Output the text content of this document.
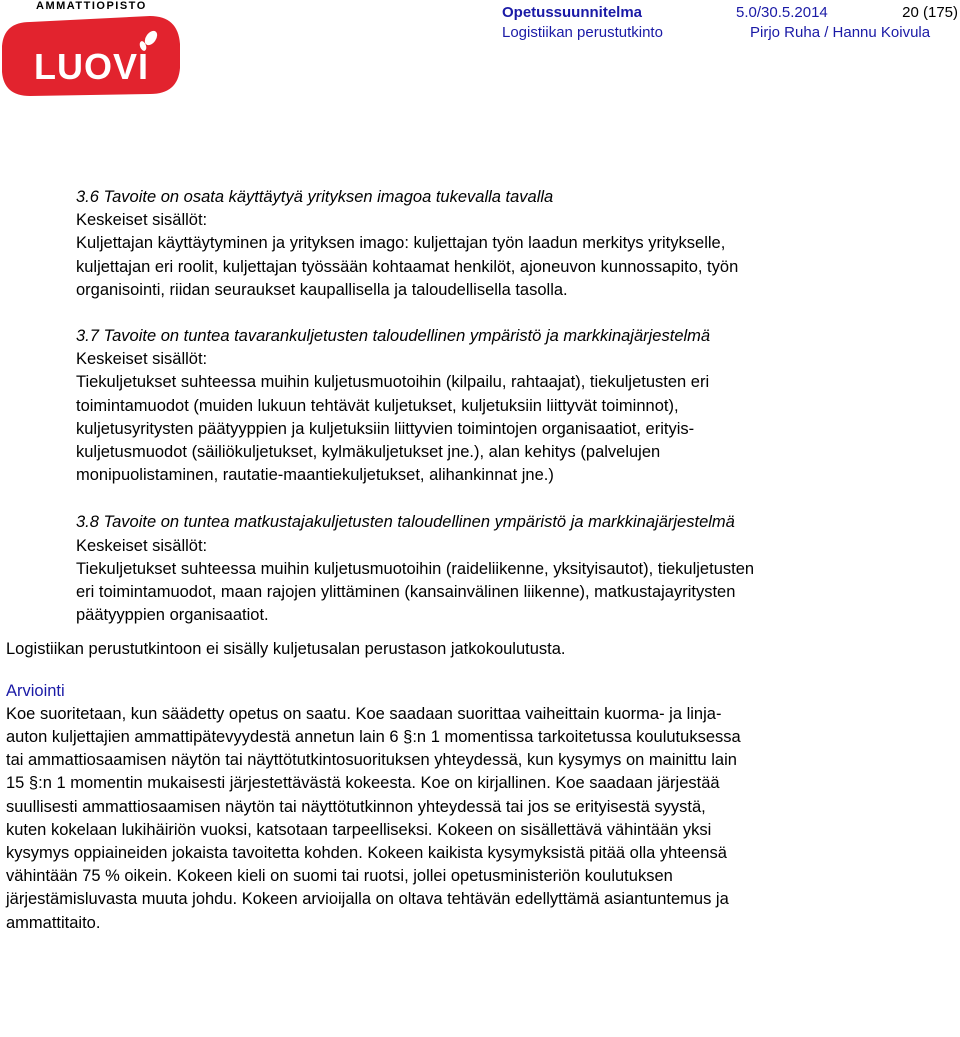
AMMATTIOPISTO
LUOVI
Opetussuunnitelma	5.0/30.5.2014	20 (175)
Logistiikan perustutkinto	Pirjo Ruha / Hannu Koivula

3.6 Tavoite on osata käyttäytyä yrityksen imagoa tukevalla tavalla

Keskeiset sisällöt:

Kuljettajan käyttäytyminen ja yrityksen imago: kuljettajan työn laadun merkitys yritykselle,

kuljettajan eri roolit, kuljettajan työssään kohtaamat henkilöt, ajoneuvon kunnossapito, työn

organisointi, riidan seuraukset kaupallisella ja taloudellisella tasolla.

3.7 Tavoite on tuntea tavarankuljetusten taloudellinen ympäristö ja markkinajärjestelmä

Keskeiset sisällöt:

Tiekuljetukset suhteessa muihin kuljetusmuotoihin (kilpailu, rahtaajat), tiekuljetusten eri

toimintamuodot (muiden lukuun tehtävät kuljetukset, kuljetuksiin liittyvät toiminnot),

kuljetusyritysten päätyyppien ja kuljetuksiin liittyvien toimintojen organisaatiot, erityis-

kuljetusmuodot (säiliökuljetukset, kylmäkuljetukset jne.), alan kehitys (palvelujen

monipuolistaminen, rautatie-maantiekuljetukset, alihankinnat jne.)

3.8 Tavoite on tuntea matkustajakuljetusten taloudellinen ympäristö ja markkinajärjestelmä

Keskeiset sisällöt:

Tiekuljetukset suhteessa muihin kuljetusmuotoihin (raideliikenne, yksityisautot), tiekuljetusten

eri toimintamuodot, maan rajojen ylittäminen (kansainvälinen liikenne), matkustajayritysten

päätyyppien organisaatiot.

Logistiikan perustutkintoon ei sisälly kuljetusalan perustason jatkokoulutusta.

Arviointi

Koe suoritetaan, kun säädetty opetus on saatu. Koe saadaan suorittaa vaiheittain kuorma- ja linja-

auton kuljettajien ammattipätevyydestä annetun lain 6 §:n 1 momentissa tarkoitetussa koulutuksessa

tai ammattiosaamisen näytön tai näyttötutkintosuorituksen yhteydessä, kun kysymys on mainittu lain

15 §:n 1 momentin mukaisesti järjestettävästä kokeesta. Koe on kirjallinen. Koe saadaan järjestää

suullisesti ammattiosaamisen näytön tai näyttötutkinnon yhteydessä tai jos se erityisestä syystä,

kuten kokelaan lukihäiriön vuoksi, katsotaan tarpeelliseksi. Kokeen on sisällettävä vähintään yksi

kysymys oppiaineiden jokaista tavoitetta kohden. Kokeen kaikista kysymyksistä pitää olla yhteensä

vähintään 75 % oikein. Kokeen kieli on suomi tai ruotsi, jollei opetusministeriön koulutuksen

järjestämisluvasta muuta johdu. Kokeen arvioijalla on oltava tehtävän edellyttämä asiantuntemus ja

ammattitaito.
